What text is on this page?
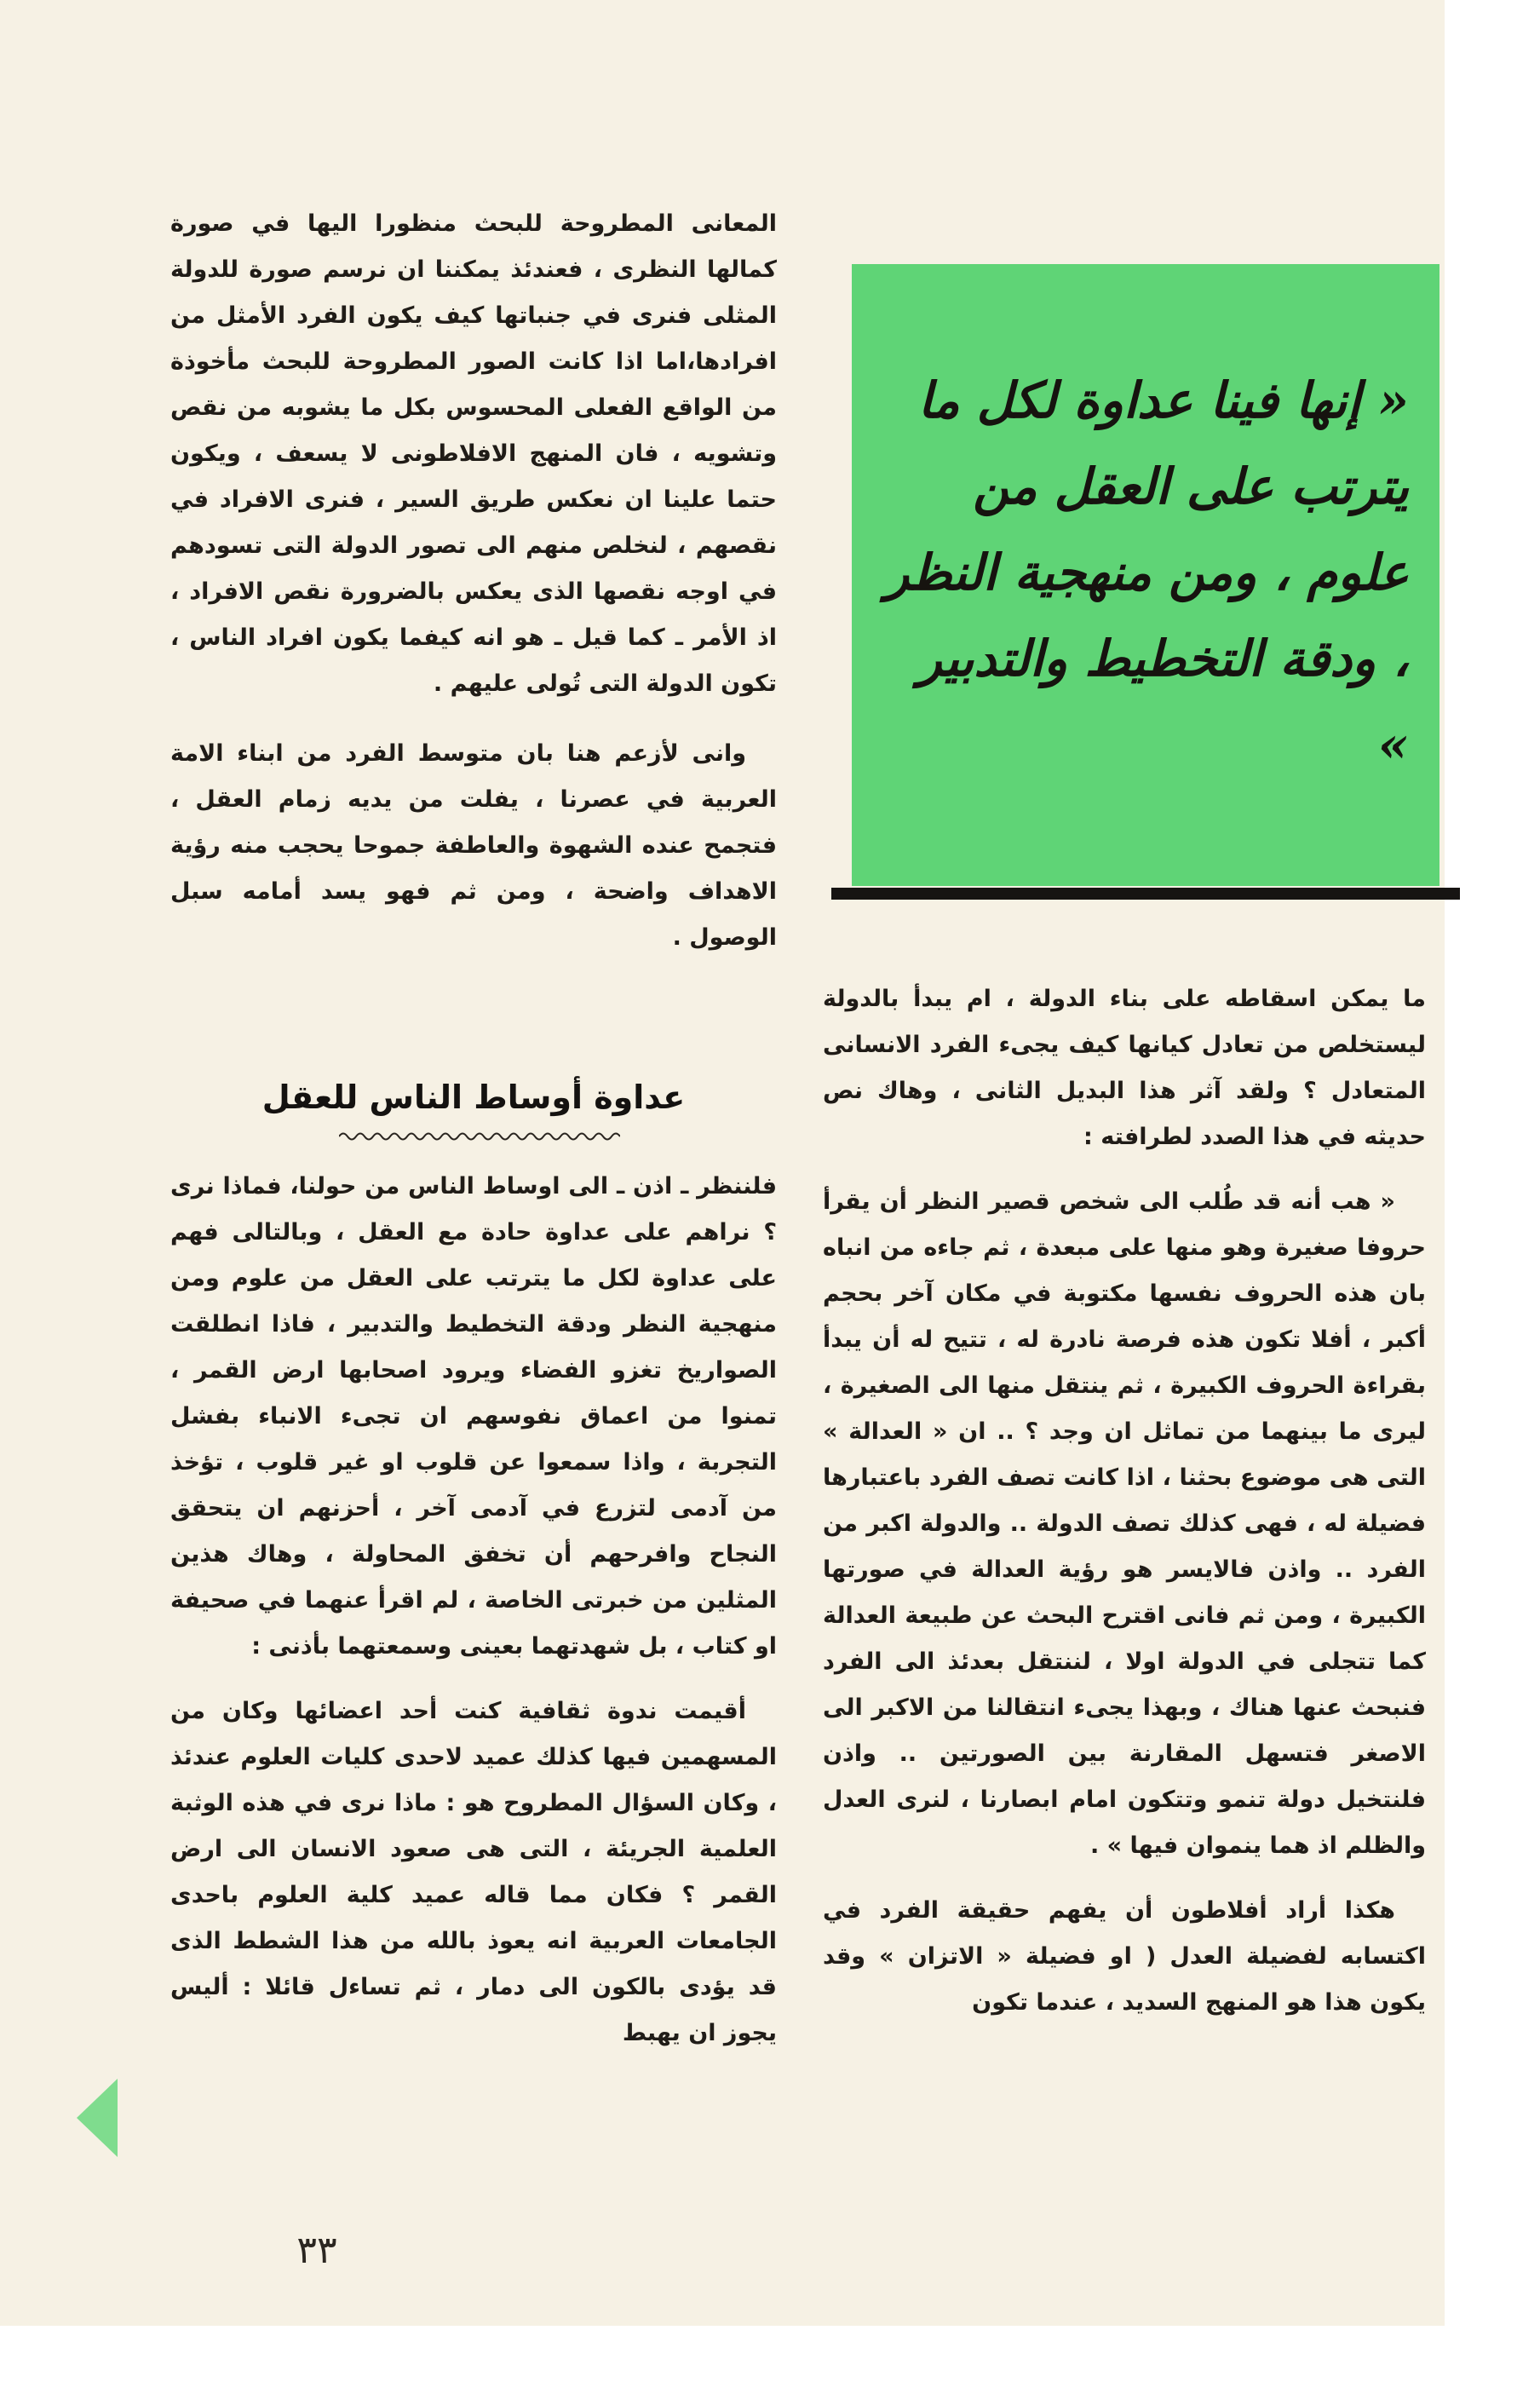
المعانى المطروحة للبحث منظورا اليها في صورة كمالها النظرى ، فعندئذ يمكننا ان نرسم صورة للدولة المثلى فنرى في جنباتها كيف يكون الفرد الأمثل من افرادها،اما اذا كانت الصور المطروحة للبحث مأخوذة من الواقع الفعلى المحسوس بكل ما يشوبه من نقص وتشويه ، فان المنهج الافلاطونى لا يسعف ، ويكون حتما علينا ان نعكس طريق السير ، فنرى الافراد في نقصهم ، لنخلص منهم الى تصور الدولة التى تسودهم في اوجه نقصها الذى يعكس بالضرورة نقص الافراد ، اذ الأمر ـ كما قيل ـ هو انه كيفما يكون افراد الناس ، تكون الدولة التى تُولى عليهم .

وانى لأزعم هنا بان متوسط الفرد من ابناء الامة العربية في عصرنا ، يفلت من يديه زمام العقل ، فتجمح عنده الشهوة والعاطفة جموحا يحجب منه رؤية الاهداف واضحة ، ومن ثم فهو يسد أمامه سبل الوصول .

عداوة أوساط الناس للعقل

فلننظر ـ اذن ـ الى اوساط الناس من حولنا، فماذا نرى ؟ نراهم على عداوة حادة مع العقل ، وبالتالى فهم على عداوة لكل ما يترتب على العقل من علوم ومن منهجية النظر ودقة التخطيط والتدبير ، فاذا انطلقت الصواريخ تغزو الفضاء ويرود اصحابها ارض القمر ، تمنوا من اعماق نفوسهم ان تجىء الانباء بفشل التجربة ، واذا سمعوا عن قلوب او غير قلوب ، تؤخذ من آدمى لتزرع في آدمى آخر ، أحزنهم ان يتحقق النجاح وافرحهم أن تخفق المحاولة ، وهاك هذين المثلين من خبرتى الخاصة ، لم اقرأ عنهما في صحيفة او كتاب ، بل شهدتهما بعينى وسمعتهما بأذنى :

أقيمت ندوة ثقافية كنت أحد اعضائها وكان من المسهمين فيها كذلك عميد لاحدى كليات العلوم عندئذ ، وكان السؤال المطروح هو : ماذا نرى في هذه الوثبة العلمية الجريئة ، التى هى صعود الانسان الى ارض القمر ؟ فكان مما قاله عميد كلية العلوم باحدى الجامعات العربية انه يعوذ بالله من هذا الشطط الذى قد يؤدى بالكون الى دمار ، ثم تساءل قائلا : أليس يجوز ان يهبط

« إنها فينا عداوة لكل ما يترتب على العقل من علوم ، ومن منهجية النظر ، ودقة التخطيط والتدبير »

ما يمكن اسقاطه على بناء الدولة ، ام يبدأ بالدولة ليستخلص من تعادل كيانها كيف يجىء الفرد الانسانى المتعادل ؟ ولقد آثر هذا البديل الثانى ، وهاك نص حديثه في هذا الصدد لطرافته :

« هب أنه قد طُلب الى شخص قصير النظر أن يقرأ حروفا صغيرة وهو منها على مبعدة ، ثم جاءه من انباه بان هذه الحروف نفسها مكتوبة في مكان آخر بحجم أكبر ، أفلا تكون هذه فرصة نادرة له ، تتيح له أن يبدأ بقراءة الحروف الكبيرة ، ثم ينتقل منها الى الصغيرة ، ليرى ما بينهما من تماثل ان وجد ؟ .. ان « العدالة » التى هى موضوع بحثنا ، اذا كانت تصف الفرد باعتبارها فضيلة له ، فهى كذلك تصف الدولة .. والدولة اكبر من الفرد .. واذن فالايسر هو رؤية العدالة في صورتها الكبيرة ، ومن ثم فانى اقترح البحث عن طبيعة العدالة كما تتجلى في الدولة اولا ، لننتقل بعدئذ الى الفرد فنبحث عنها هناك ، وبهذا يجىء انتقالنا من الاكبر الى الاصغر فتسهل المقارنة بين الصورتين .. واذن فلنتخيل دولة تنمو وتتكون امام ابصارنا ، لنرى العدل والظلم اذ هما ينموان فيها » .

هكذا أراد أفلاطون أن يفهم حقيقة الفرد في اكتسابه لفضيلة العدل ( او فضيلة « الاتزان » وقد يكون هذا هو المنهج السديد ، عندما تكون

٣٣
